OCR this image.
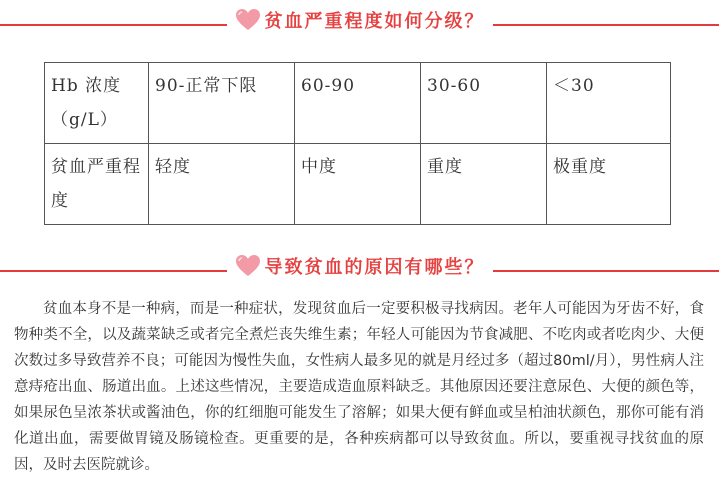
贫血严重程度如何分级？
Hb 浓度（g/L）	90-正常下限	60-90	30-60	＜30
贫血严重程度	轻度	中度	重度	极重度
导致贫血的原因有哪些？

贫血本身不是一种病，而是一种症状，发现贫血后一定要积极寻找病因。老年人可能因为牙齿不好，食物种类不全，以及蔬菜缺乏或者完全煮烂丧失维生素；年轻人可能因为节食减肥、不吃肉或者吃肉少、大便次数过多导致营养不良；可能因为慢性失血，女性病人最多见的就是月经过多（超过80ml/月），男性病人注意痔疮出血、肠道出血。上述这些情况，主要造成造血原料缺乏。其他原因还要注意尿色、大便的颜色等，如果尿色呈浓茶状或酱油色，你的红细胞可能发生了溶解；如果大便有鲜血或呈柏油状颜色，那你可能有消化道出血，需要做胃镜及肠镜检查。更重要的是，各种疾病都可以导致贫血。所以，要重视寻找贫血的原因，及时去医院就诊。
